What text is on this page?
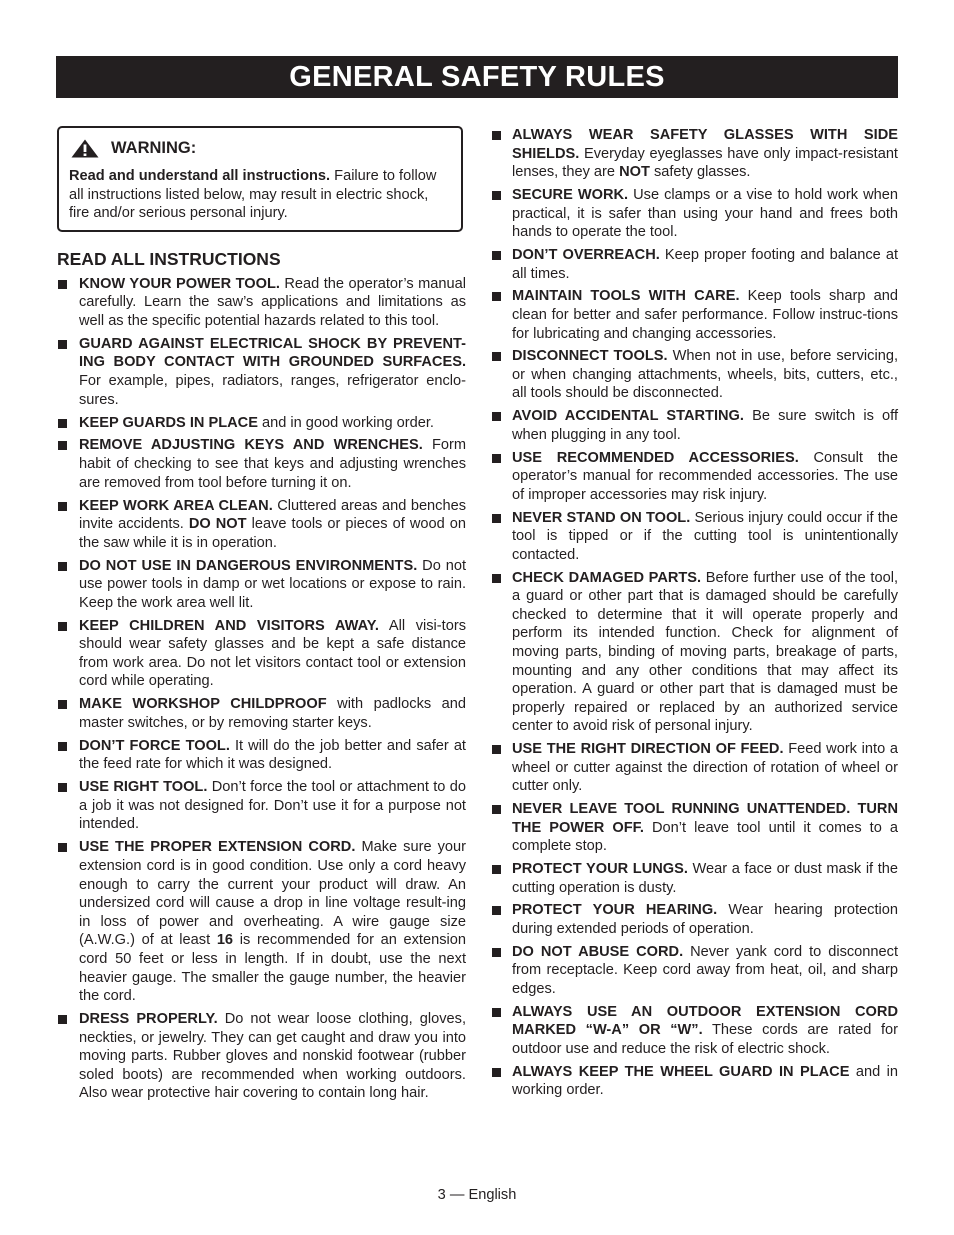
GENERAL SAFETY RULES
WARNING:
Read and understand all instructions. Failure to follow all instructions listed below, may result in electric shock, fire and/or serious personal injury.
READ ALL INSTRUCTIONS
KNOW YOUR POWER TOOL. Read the operator’s manual carefully. Learn the saw’s applications and limitations as well as the specific potential hazards related to this tool.
GUARD AGAINST ELECTRICAL SHOCK BY PREVENT-ING BODY CONTACT WITH GROUNDED SURFACES. For example, pipes, radiators, ranges, refrigerator enclo-sures.
KEEP GUARDS IN PLACE and in good working order.
REMOVE ADJUSTING KEYS AND WRENCHES. Form habit of checking to see that keys and adjusting wrenches are removed from tool before turning it on.
KEEP WORK AREA CLEAN. Cluttered areas and benches invite accidents. DO NOT leave tools or pieces of wood on the saw while it is in operation.
DO NOT USE IN DANGEROUS ENVIRONMENTS. Do not use power tools in damp or wet locations or expose to rain. Keep the work area well lit.
KEEP CHILDREN AND VISITORS AWAY. All visi-tors should wear safety glasses and be kept a safe distance from work area. Do not let visitors contact tool or extension cord while operating.
MAKE WORKSHOP CHILDPROOF with padlocks and master switches, or by removing starter keys.
DON’T FORCE TOOL. It will do the job better and safer at the feed rate for which it was designed.
USE RIGHT TOOL. Don’t force the tool or attachment to do a job it was not designed for. Don’t use it for a purpose not intended.
USE THE PROPER EXTENSION CORD. Make sure your extension cord is in good condition. Use only a cord heavy enough to carry the current your product will draw. An undersized cord will cause a drop in line voltage result-ing in loss of power and overheating. A wire gauge size (A.W.G.) of at least 16 is recommended for an extension cord 50 feet or less in length. If in doubt, use the next heavier gauge. The smaller the gauge number, the heavier the cord.
DRESS PROPERLY. Do not wear loose clothing, gloves, neckties, or jewelry. They can get caught and draw you into moving parts. Rubber gloves and nonskid footwear (rubber soled boots) are recommended when working outdoors. Also wear protective hair covering to contain long hair.
ALWAYS WEAR SAFETY GLASSES WITH SIDE SHIELDS. Everyday eyeglasses have only impact-resistant lenses, they are NOT safety glasses.
SECURE WORK. Use clamps or a vise to hold work when practical, it is safer than using your hand and frees both hands to operate the tool.
DON’T OVERREACH. Keep proper footing and balance at all times.
MAINTAIN TOOLS WITH CARE. Keep tools sharp and clean for better and safer performance. Follow instruc-tions for lubricating and changing accessories.
DISCONNECT TOOLS. When not in use, before servicing, or when changing attachments, wheels, bits, cutters, etc., all tools should be disconnected.
AVOID ACCIDENTAL STARTING. Be sure switch is off when plugging in any tool.
USE RECOMMENDED ACCESSORIES. Consult the operator’s manual for recommended accessories. The use of improper accessories may risk injury.
NEVER STAND ON TOOL. Serious injury could occur if the tool is tipped or if the cutting tool is unintentionally contacted.
CHECK DAMAGED PARTS. Before further use of the tool, a guard or other part that is damaged should be carefully checked to determine that it will operate properly and perform its intended function. Check for alignment of moving parts, binding of moving parts, breakage of parts, mounting and any other conditions that may affect its operation. A guard or other part that is damaged must be properly repaired or replaced by an authorized service center to avoid risk of personal injury.
USE THE RIGHT DIRECTION OF FEED. Feed work into a wheel or cutter against the direction of rotation of wheel or cutter only.
NEVER LEAVE TOOL RUNNING UNATTENDED. TURN THE POWER OFF. Don’t leave tool until it comes to a complete stop.
PROTECT YOUR LUNGS. Wear a face or dust mask if the cutting operation is dusty.
PROTECT YOUR HEARING. Wear hearing protection during extended periods of operation.
DO NOT ABUSE CORD. Never yank cord to disconnect from receptacle. Keep cord away from heat, oil, and sharp edges.
ALWAYS USE AN OUTDOOR EXTENSION CORD MARKED “W-A” OR “W”. These cords are rated for outdoor use and reduce the risk of electric shock.
ALWAYS KEEP THE WHEEL GUARD IN PLACE and in working order.
3 — English
